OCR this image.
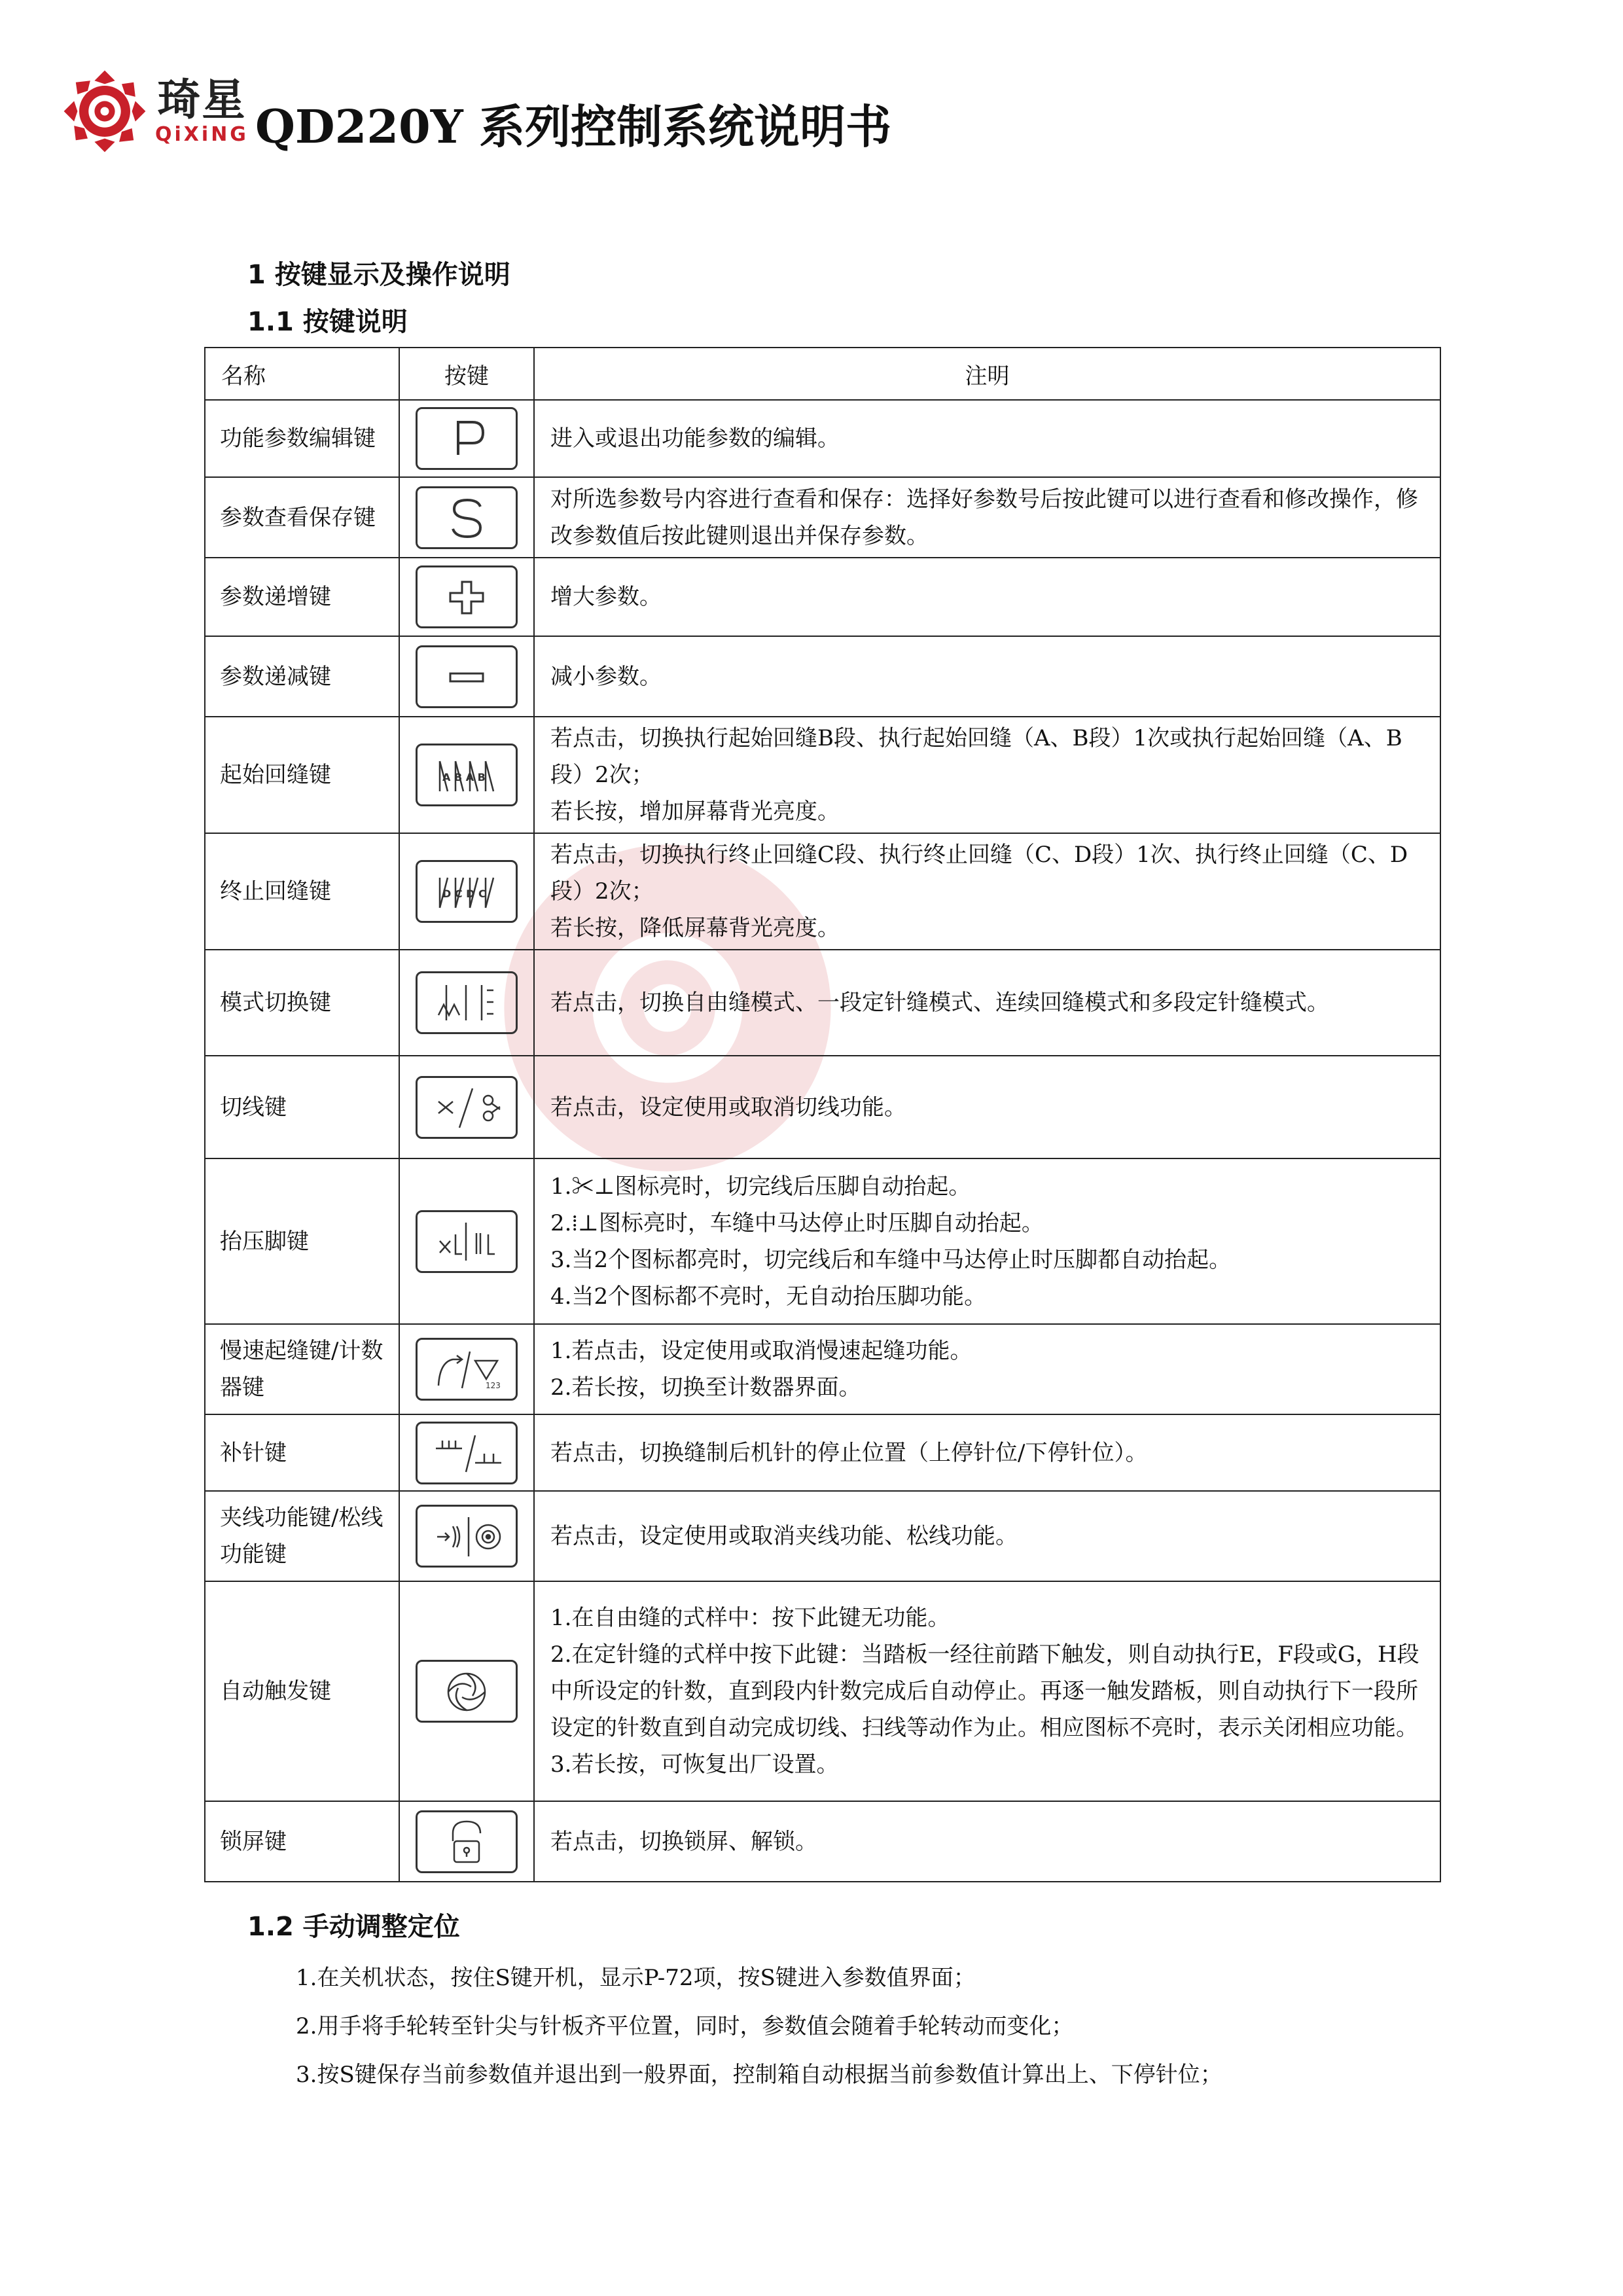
琦星
QiXiNG QD220Y 系列控制系统说明书
1 按键显示及操作说明
1.1 按键说明
名称	按键	注明
功能参数编辑键		进入或退出功能参数的编辑。

参数查看保存键		对所选参数号内容进行查看和保存：选择好参数号后按此键可以进行查看和修改操作，修改参数值后按此键则退出并保存参数。

参数递增键		增大参数。

参数递减键		减小参数。

起始回缝键	A B A B	若点击，切换执行起始回缝B段、执行起始回缝（A、B段）1次或执行起始回缝（A、B段）2次；
若长按，增加屏幕背光亮度。

终止回缝键	D C D C	若点击，切换执行终止回缝C段、执行终止回缝（C、D段）1次、执行终止回缝（C、D段）2次；
若长按，降低屏幕背光亮度。

模式切换键		若点击，切换自由缝模式、一段定针缝模式、连续回缝模式和多段定针缝模式。

切线键		若点击，设定使用或取消切线功能。

抬压脚键		1.✂⊥图标亮时，切完线后压脚自动抬起。
2.⁞⊥图标亮时，车缝中马达停止时压脚自动抬起。
3.当2个图标都亮时，切完线后和车缝中马达停止时压脚都自动抬起。
4.当2个图标都不亮时，无自动抬压脚功能。

慢速起缝键/计数器键	123	1.若点击，设定使用或取消慢速起缝功能。
2.若长按，切换至计数器界面。

补针键		若点击，切换缝制后机针的停止位置（上停针位/下停针位）。

夹线功能键/松线功能键		若点击，设定使用或取消夹线功能、松线功能。

自动触发键		1.在自由缝的式样中：按下此键无功能。
2.在定针缝的式样中按下此键：当踏板一经往前踏下触发，则自动执行E，F段或G，H段中所设定的针数，直到段内针数完成后自动停止。再逐一触发踏板，则自动执行下一段所设定的针数直到自动完成切线、扫线等动作为止。相应图标不亮时，表示关闭相应功能。
3.若长按，可恢复出厂设置。

锁屏键		若点击，切换锁屏、解锁。
1.2 手动调整定位
1.在关机状态，按住S键开机，显示P-72项，按S键进入参数值界面；
2.用手将手轮转至针尖与针板齐平位置，同时，参数值会随着手轮转动而变化；
3.按S键保存当前参数值并退出到一般界面，控制箱自动根据当前参数值计算出上、下停针位；
